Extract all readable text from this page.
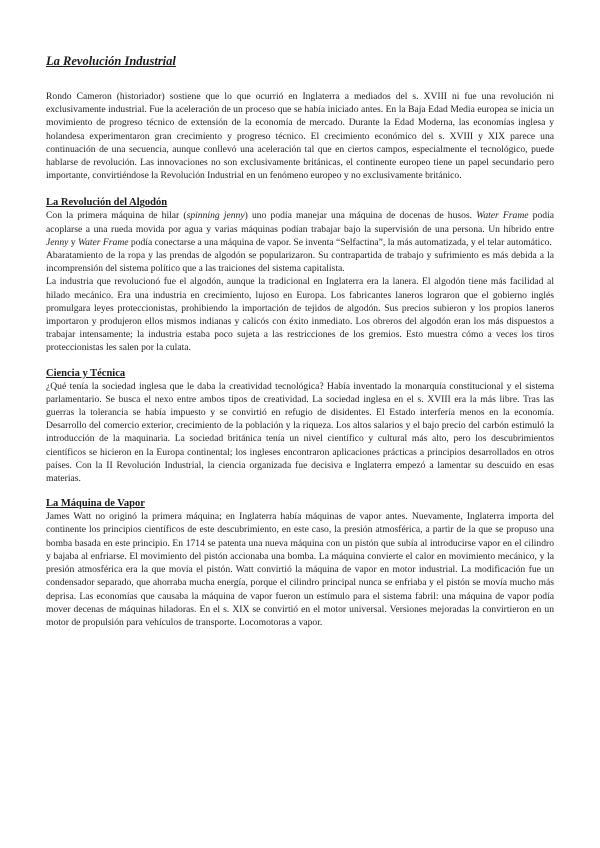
La Revolución Industrial

Rondo Cameron (historiador) sostiene que lo que ocurrió en Inglaterra a mediados del s. XVIII ni fue una revolución ni exclusivamente industrial. Fue la aceleración de un proceso que se había iniciado antes. En la Baja Edad Media europea se inicia un movimiento de progreso técnico de extensión de la economía de mercado. Durante la Edad Moderna, las economías inglesa y holandesa experimentaron gran crecimiento y progreso técnico. El crecimiento económico del s. XVIII y XIX parece una continuación de una secuencia, aunque conllevó una aceleración tal que en ciertos campos, especialmente el tecnológico, puede hablarse de revolución. Las innovaciones no son exclusivamente británicas, el continente europeo tiene un papel secundario pero importante, convirtiéndose la Revolución Industrial en un fenómeno europeo y no exclusivamente británico.

La Revolución del Algodón

Con la primera máquina de hilar (spinning jenny) uno podía manejar una máquina de docenas de husos. Water Frame podía acoplarse a una rueda movida por agua y varias máquinas podían trabajar bajo la supervisión de una persona. Un híbrido entre Jenny y Water Frame podía conectarse a una máquina de vapor. Se inventa “Selfactina”, la más automatizada, y el telar automático.

Abaratamiento de la ropa y las prendas de algodón se popularizaron. Su contrapartida de trabajo y sufrimiento es más debida a la incomprensión del sistema político que a las traiciones del sistema capitalista.

La industria que revolucionó fue el algodón, aunque la tradicional en Inglaterra era la lanera. El algodón tiene más facilidad al hilado mecánico. Era una industria en crecimiento, lujoso en Europa. Los fabricantes laneros lograron que el gobierno inglés promulgara leyes proteccionistas, prohibiendo la importación de tejidos de algodón. Sus precios subieron y los propios laneros importaron y produjeron ellos mismos indianas y calicós con éxito inmediato. Los obreros del algodón eran los más dispuestos a trabajar intensamente; la industria estaba poco sujeta a las restricciones de los gremios. Esto muestra cómo a veces los tiros proteccionistas les salen por la culata.

Ciencia y Técnica

¿Qué tenía la sociedad inglesa que le daba la creatividad tecnológica? Había inventado la monarquía constitucional y el sistema parlamentario. Se busca el nexo entre ambos tipos de creatividad. La sociedad inglesa en el s. XVIII era la más libre. Tras las guerras la tolerancia se había impuesto y se convirtió en refugio de disidentes. El Estado interfería menos en la economía. Desarrollo del comercio exterior, crecimiento de la población y la riqueza. Los altos salarios y el bajo precio del carbón estimuló la introducción de la maquinaria. La sociedad británica tenía un nivel científico y cultural más alto, pero los descubrimientos científicos se hicieron en la Europa continental; los ingleses encontraron aplicaciones prácticas a principios desarrollados en otros países. Con la II Revolución Industrial, la ciencia organizada fue decisiva e Inglaterra empezó a lamentar su descuido en esas materias.

La Máquina de Vapor

James Watt no originó la primera máquina; en Inglaterra había máquinas de vapor antes. Nuevamente, Inglaterra importa del continente los principios científicos de este descubrimiento, en este caso, la presión atmosférica, a partir de la que se propuso una bomba basada en este principio. En 1714 se patenta una nueva máquina con un pistón que subía al introducirse vapor en el cilindro y bajaba al enfriarse. El movimiento del pistón accionaba una bomba. La máquina convierte el calor en movimiento mecánico, y la presión atmosférica era la que movía el pistón. Watt convirtió la máquina de vapor en motor industrial. La modificación fue un condensador separado, que ahorraba mucha energía, porque el cilindro principal nunca se enfriaba y el pistón se movía mucho más deprisa. Las economías que causaba la máquina de vapor fueron un estímulo para el sistema fabril: una máquina de vapor podía mover decenas de máquinas hiladoras. En el s. XIX se convirtió en el motor universal. Versiones mejoradas la convirtieron en un motor de propulsión para vehículos de transporte. Locomotoras a vapor.
